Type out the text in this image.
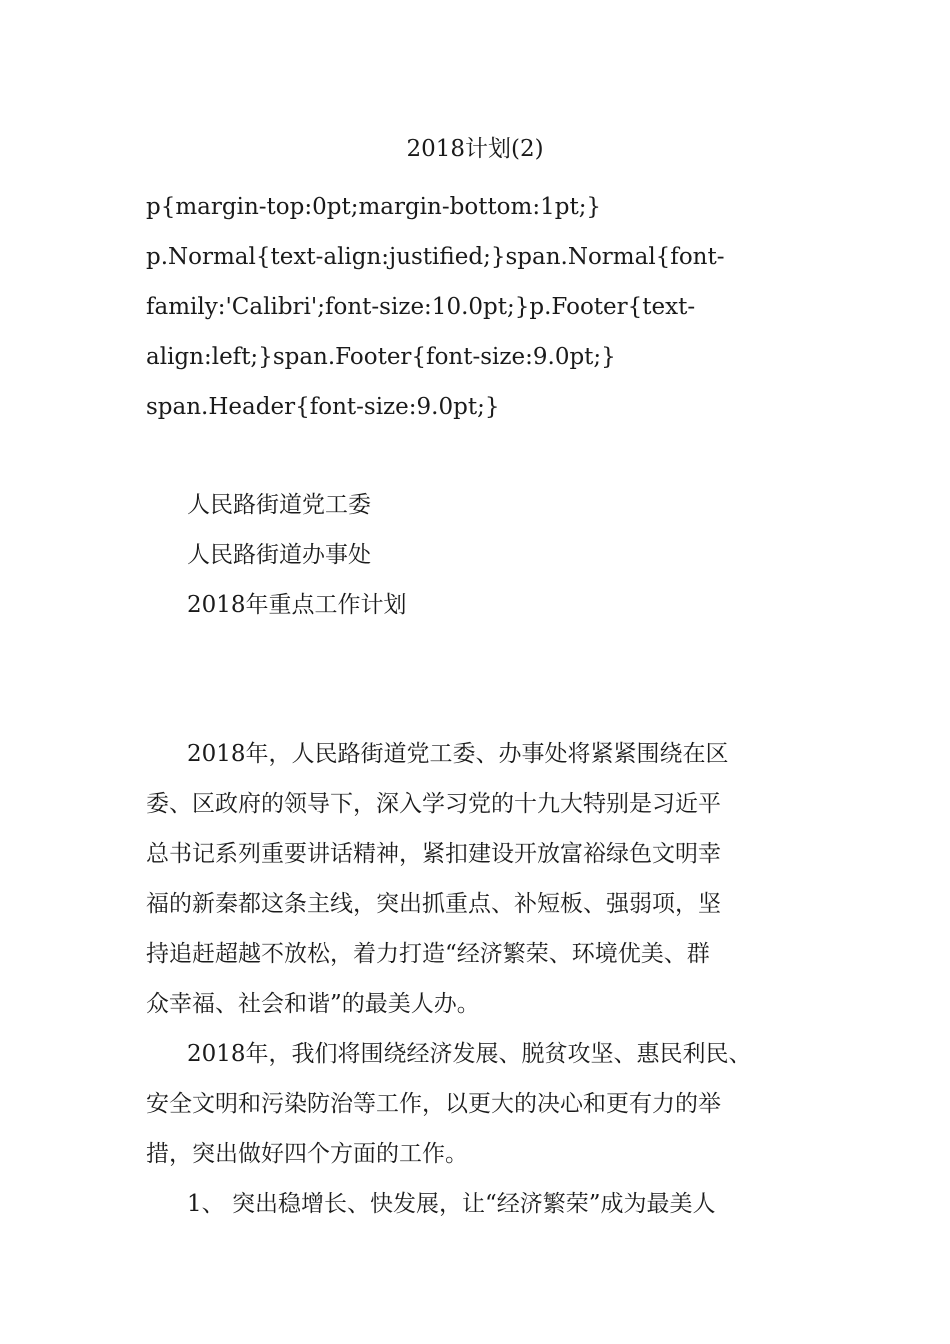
2018计划(2)

p{margin-top:0pt;margin-bottom:1pt;}

p.Normal{text-align:justified;}span.Normal{font-

family:'Calibri';font-size:10.0pt;}p.Footer{text-

align:left;}span.Footer{font-size:9.0pt;}

span.Header{font-size:9.0pt;}

人民路街道党工委

人民路街道办事处

2018年重点工作计划

2018年，人民路街道党工委、办事处将紧紧围绕在区

委、区政府的领导下，深入学习党的十九大特别是习近平

总书记系列重要讲话精神，紧扣建设开放富裕绿色文明幸

福的新秦都这条主线，突出抓重点、补短板、强弱项，坚

持追赶超越不放松，着力打造“经济繁荣、环境优美、群

众幸福、社会和谐”的最美人办。

2018年，我们将围绕经济发展、脱贫攻坚、惠民利民、

安全文明和污染防治等工作，以更大的决心和更有力的举

措，突出做好四个方面的工作。

1、 突出稳增长、快发展，让“经济繁荣”成为最美人
